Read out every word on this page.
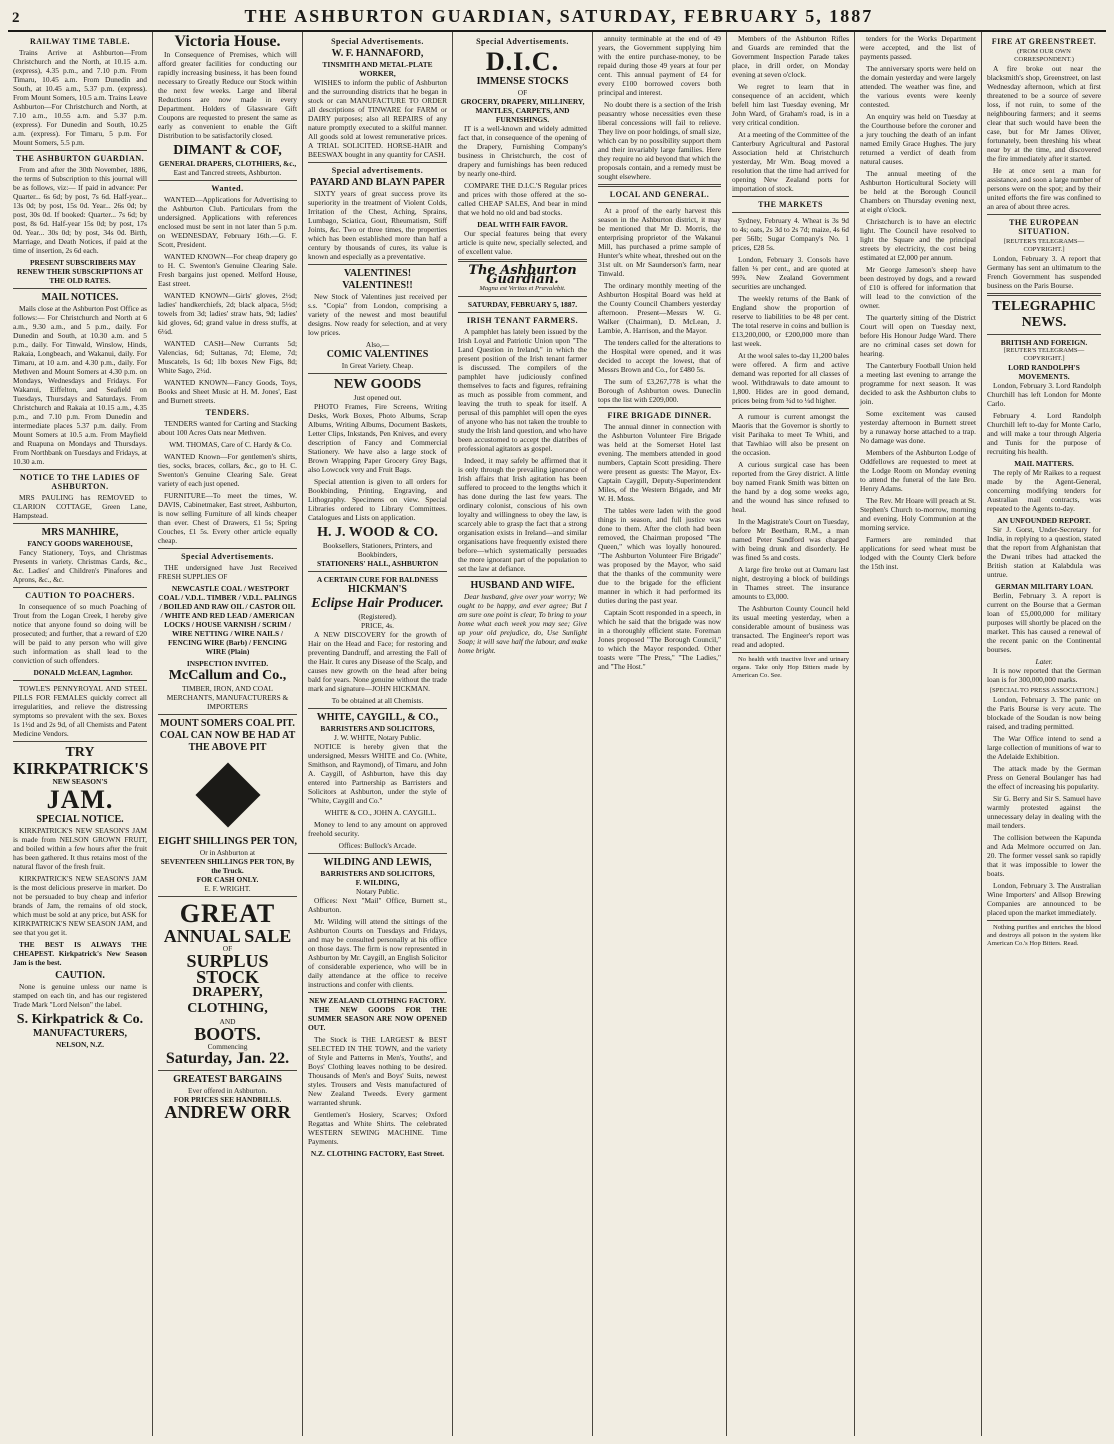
2	THE ASHBURTON GUARDIAN, SATURDAY, FEBRUARY 5, 1887

RAILWAY TIME TABLE.

Trains Arrive at Ashburton—From Christchurch and the North, at 10.15 a.m. (express), 4.35 p.m., and 7.10 p.m. From Timaru, 10.45 a.m. From Dunedin and South, at 10.45 a.m., 5.37 p.m. (express). From Mount Somers, 10.5 a.m. Trains Leave Ashburton—For Christchurch and North, at 7.10 a.m., 10.55 a.m. and 5.37 p.m. (express). For Dunedin and South, 10.25 a.m. (express). For Timaru, 5 p.m. For Mount Somers, 5.5 p.m.

THE ASHBURTON GUARDIAN.

From and after the 30th November, 1886, the terms of Subscription to this journal will be as follows, viz:— If paid in advance: Per Quarter... 6s 6d; by post, 7s 6d. Half-year... 13s 0d; by post, 15s 0d. Year... 26s 0d; by post, 30s 0d. If booked: Quarter... 7s 6d; by post, 8s 6d. Half-year 15s 0d; by post, 17s 0d. Year... 30s 0d; by post, 34s 0d. Birth, Marriage, and Death Notices, if paid at the time of insertion, 2s 6d each.

PRESENT SUBSCRIBERS MAY RENEW THEIR SUBSCRIPTIONS AT THE OLD RATES.

MAIL NOTICES.

Mails close at the Ashburton Post Office as follows:— For Christchurch and North at 6 a.m., 9.30 a.m., and 5 p.m., daily. For Dunedin and South, at 10.30 a.m. and 5 p.m., daily. For Tinwald, Winslow, Hinds, Rakaia, Longbeach, and Wakanui, daily. For Timaru, at 10 a.m. and 4.30 p.m., daily. For Methven and Mount Somers at 4.30 p.m. on Mondays, Wednesdays and Fridays. For Wakanui, Eiffelton, and Seafield on Tuesdays, Thursdays and Saturdays. From Christchurch and Rakaia at 10.15 a.m., 4.35 p.m., and 7.10 p.m. From Dunedin and intermediate places 5.37 p.m. daily. From Mount Somers at 10.5 a.m. From Mayfield and Ruapuna on Mondays and Thursdays. From Northbank on Tuesdays and Fridays, at 10.30 a.m.

NOTICE TO THE LADIES OF ASHBURTON.

MRS PAULING has REMOVED to CLARION COTTAGE, Green Lane, Hampstead.

MRS MANHIRE,
FANCY GOODS WAREHOUSE,

Fancy Stationery, Toys, and Christmas Presents in variety. Christmas Cards, &c., &c. Ladies' and Children's Pinafores and Aprons, &c., &c.

CAUTION TO POACHERS.

In consequence of so much Poaching of Trout from the Logan Creek, I hereby give notice that anyone found so doing will be prosecuted; and further, that a reward of £20 will be paid to any person who will give such information as shall lead to the conviction of such offenders.

DONALD McLEAN, Lagmhor.

TOWLE'S PENNYROYAL AND STEEL PILLS FOR FEMALES quickly correct all irregularities, and relieve the distressing symptoms so prevalent with the sex. Boxes 1s 1½d and 2s 9d, of all Chemists and Patent Medicine Vendors.

TRY
KIRKPATRICK'S
NEW SEASON'S
JAM.
SPECIAL NOTICE.

KIRKPATRICK'S NEW SEASON'S JAM is made from NELSON GROWN FRUIT, and boiled within a few hours after the fruit has been gathered. It thus retains most of the natural flavor of the fresh fruit.

KIRKPATRICK'S NEW SEASON'S JAM is the most delicious preserve in market. Do not be persuaded to buy cheap and inferior brands of Jam, the remains of old stock, which must be sold at any price, but ASK for KIRKPATRICK'S NEW SEASON JAM, and see that you get it.

THE BEST IS ALWAYS THE CHEAPEST. Kirkpatrick's New Season Jam is the best.

CAUTION.

None is genuine unless our name is stamped on each tin, and has our registered Trade Mark "Lord Nelson" the label.

S. Kirkpatrick & Co.
MANUFACTURERS,
NELSON, N.Z.
Victoria House.

In Consequence of Premises, which will afford greater facilities for conducting our rapidly increasing business, it has been found necessary to Greatly Reduce our Stock within the next few weeks. Large and liberal Reductions are now made in every Department. Holders of Glassware Gift Coupons are requested to present the same as early as convenient to enable the Gift Distribution to be satisfactorily closed.

DIMANT & COF,
GENERAL DRAPERS, CLOTHIERS, &c.,
East and Tancred streets, Ashburton.
Wanted.

WANTED—Applications for Advertising to the Ashburton Club. Particulars from the undersigned. Applications with references enclosed must be sent in not later than 5 p.m. on WEDNESDAY, February 16th.—G. F. Scott, President.

WANTED KNOWN—For cheap drapery go to H. C. Swenton's Genuine Clearing Sale. Fresh bargains just opened. Melford House, East street.

WANTED KNOWN—Girls' gloves, 2½d; ladies' handkerchiefs, 2d; black alpaca, 5½d; towels from 3d; ladies' straw hats, 9d; ladies' kid gloves, 6d; grand value in dress stuffs, at 6¼d.

WANTED CASH—New Currants 5d; Valencias, 6d; Sultanas, 7d; Eleme, 7d; Muscatels, 1s 6d; 1lb boxes New Figs, 8d; White Sago, 2½d.

WANTED KNOWN—Fancy Goods, Toys, Books and Sheet Music at H. M. Jones', East and Burnett streets.

TENDERS.

TENDERS wanted for Carting and Stacking about 100 Acres Oats near Methven.

WM. THOMAS, Care of C. Hardy & Co.

WANTED Known—For gentlemen's shirts, ties, socks, braces, collars, &c., go to H. C. Swenton's Genuine Clearing Sale. Great variety of each just opened.

FURNITURE—To meet the times, W. DAVIS, Cabinetmaker, East street, Ashburton, is now selling Furniture of all kinds cheaper than ever. Chest of Drawers, £1 5s; Spring Couches, £1 5s. Every other article equally cheap.

Special Advertisements.

THE undersigned have Just Received FRESH SUPPLIES OF

NEWCASTLE COAL / WESTPORT COAL / V.D.L. TIMBER / V.D.L. PALINGS / BOILED AND RAW OIL / CASTOR OIL / WHITE AND RED LEAD / AMERICAN LOCKS / HOUSE VARNISH / SCRIM / WIRE NETTING / WIRE NAILS / FENCING WIRE (Barb) / FENCING WIRE (Plain)

INSPECTION INVITED.
McCallum and Co.,
TIMBER, IRON, AND COAL MERCHANTS, MANUFACTURERS & IMPORTERS
MOUNT SOMERS COAL PIT.
COAL CAN NOW BE HAD AT THE ABOVE PIT
EIGHT SHILLINGS PER TON,
Or in Ashburton at
SEVENTEEN SHILLINGS PER TON, By the Truck.
FOR CASH ONLY.
E. F. WRIGHT.
GREAT
ANNUAL SALE
OF
SURPLUS STOCK
DRAPERY, CLOTHING,
AND
BOOTS.
Commencing
Saturday, Jan. 22.
GREATEST BARGAINS
Ever offered in Ashburton.
FOR PRICES SEE HANDBILLS.
ANDREW ORR
Special Advertisements.
W. F. HANNAFORD,
TINSMITH AND METAL-PLATE WORKER,

WISHES to inform the public of Ashburton and the surrounding districts that he began in stock or can MANUFACTURE TO ORDER all descriptions of TINWARE for FARM or DAIRY purposes; also all REPAIRS of any nature promptly executed to a skilful manner. All goods sold at lowest remunerative prices. A TRIAL SOLICITED. HORSE-HAIR and BEESWAX bought in any quantity for CASH.

Special advertisements.
PAYARD AND BLAYN PAPER

SIXTY years of great success prove its superiority in the treatment of Violent Colds, Irritation of the Chest, Aching, Sprains, Lumbago, Sciatica, Gout, Rheumatism, Stiff Joints, &c. Two or three times, the properties which has been established more than half a century by thousands of cures, its value is known and especially as a preventative.

VALENTINES! VALENTINES!!

New Stock of Valentines just received per s.s. "Copia" from London, comprising a variety of the newest and most beautiful designs. Now ready for selection, and at very low prices.

Also,—
COMIC VALENTINES
In Great Variety. Cheap.
NEW GOODS
Just opened out.

PHOTO Frames, Fire Screens, Writing Desks, Work Boxes, Photo Albums, Scrap Albums, Writing Albums, Document Baskets, Letter Clips, Inkstands, Pen Knives, and every description of Fancy and Commercial Stationery. We have also a large stock of Brown Wrapping Paper Grocery Grey Bags, also Lowcock very and Fruit Bags.

Special attention is given to all orders for Bookbinding, Printing, Engraving, and Lithography. Specimens on view. Special Libraries ordered to Library Committees. Catalogues and Lists on application.

H. J. WOOD & CO.
Booksellers, Stationers, Printers, and Bookbinders,
STATIONERS' HALL, ASHBURTON
A CERTAIN CURE FOR BALDNESS
HICKMAN'S
Eclipse Hair Producer.
(Registered).
PRICE, 4s.

A NEW DISCOVERY for the growth of Hair on the Head and Face; for restoring and preventing Dandruff, and arresting the Fall of the Hair. It cures any Disease of the Scalp, and causes new growth on the head after being bald for years. None genuine without the trade mark and signature—JOHN HICKMAN.

To be obtained at all Chemists.
WHITE, CAYGILL, & CO.,
BARRISTERS AND SOLICITORS,
J. W. WHITE, Notary Public.

NOTICE is hereby given that the undersigned, Messrs WHITE and Co. (White, Smithson, and Raymond), of Timaru, and John A. Caygill, of Ashburton, have this day entered into Partnership as Barristers and Solicitors at Ashburton, under the style of "White, Caygill and Co."

WHITE & CO., JOHN A. CAYGILL.

Money to lend to any amount on approved freehold security.

Offices: Bullock's Arcade.
WILDING AND LEWIS,
BARRISTERS AND SOLICITORS,
F. WILDING,
Notary Public.

Offices: Next "Mail" Office, Burnett st., Ashburton.

Mr. Wilding will attend the sittings of the Ashburton Courts on Tuesdays and Fridays, and may be consulted personally at his office on those days. The firm is now represented in Ashburton by Mr. Caygill, an English Solicitor of considerable experience, who will be in daily attendance at the office to receive instructions and confer with clients.

NEW ZEALAND CLOTHING FACTORY.

THE NEW GOODS FOR THE SUMMER SEASON ARE NOW OPENED OUT.

The Stock is THE LARGEST & BEST SELECTED IN THE TOWN, and the variety of Style and Patterns in Men's, Youths', and Boys' Clothing leaves nothing to be desired. Thousands of Men's and Boys' Suits, newest styles. Trousers and Vests manufactured of New Zealand Tweeds. Every garment warranted shrunk.

Gentlemen's Hosiery, Scarves; Oxford Regattas and White Shirts. The celebrated WESTERN SEWING MACHINE. Time Payments.

N.Z. CLOTHING FACTORY, East Street.
Special Advertisements.
D.I.C.
IMMENSE STOCKS
OF
GROCERY, DRAPERY, MILLINERY, MANTLES, CARPETS, AND FURNISHINGS.

IT is a well-known and widely admitted fact that, in consequence of the opening of the Drapery, Furnishing Company's business in Christchurch, the cost of drapery and furnishings has been reduced by nearly one-third.

COMPARE THE D.I.C.'S Regular prices and prices with those offered at the so-called CHEAP SALES, And bear in mind that we hold no old and bad stocks.

DEAL WITH FAIR FAVOR.

Our special features being that every article is quite new, specially selected, and of excellent value.

The Ashburton Guardian.
Magna est Veritas et Prævalebit.
SATURDAY, FEBRUARY 5, 1887.
IRISH TENANT FARMERS.

A pamphlet has lately been issued by the Irish Loyal and Patriotic Union upon "The Land Question in Ireland," in which the present position of the Irish tenant farmer is discussed. The compilers of the pamphlet have judiciously confined themselves to facts and figures, refraining as much as possible from comment, and leaving the truth to speak for itself. A perusal of this pamphlet will open the eyes of anyone who has not taken the trouble to study the Irish land question, and who have been accustomed to accept the diatribes of professional agitators as gospel.

Indeed, it may safely be affirmed that it is only through the prevailing ignorance of Irish affairs that Irish agitation has been suffered to proceed to the lengths which it has done during the last few years. The ordinary colonist, conscious of his own loyalty and willingness to obey the law, is scarcely able to grasp the fact that a strong organisation exists in Ireland—and similar organisations have frequently existed there before—which systematically persuades the more ignorant part of the population to set the law at defiance.

HUSBAND AND WIFE.

Dear husband, give over your worry; We ought to be happy, and ever agree; But I am sure one point is clear, To bring to your home what each week you may see; Give up your old prejudice, do, Use Sunlight Soap; it will save half the labour, and make home bright.

annuity terminable at the end of 49 years, the Government supplying him with the entire purchase-money, to be repaid during those 49 years at four per cent. This annual payment of £4 for every £100 borrowed covers both principal and interest.

No doubt there is a section of the Irish peasantry whose necessities even these liberal concessions will fail to relieve. They live on poor holdings, of small size, which can by no possibility support them and their invariably large families. Here they require no aid beyond that which the proposals contain, and a remedy must be sought elsewhere.

LOCAL AND GENERAL.

At a proof of the early harvest this season in the Ashburton district, it may be mentioned that Mr D. Morris, the enterprising proprietor of the Wakanui Mill, has purchased a prime sample of Hunter's white wheat, threshed out on the 31st ult. on Mr Saunderson's farm, near Tinwald.

The ordinary monthly meeting of the Ashburton Hospital Board was held at the County Council Chambers yesterday afternoon. Present—Messrs W. G. Walker (Chairman), D. McLean, J. Lambie, A. Harrison, and the Mayor.

The tenders called for the alterations to the Hospital were opened, and it was decided to accept the lowest, that of Messrs Brown and Co., for £480 5s.

The sum of £3,267,778 is what the Borough of Ashburton owes. Duneclin tops the list with £209,000.

FIRE BRIGADE DINNER.

The annual dinner in connection with the Ashburton Volunteer Fire Brigade was held at the Somerset Hotel last evening. The members attended in good numbers, Captain Scott presiding. There were present as guests: The Mayor, Ex-Captain Caygill, Deputy-Superintendent Miles, of the Western Brigade, and Mr W. H. Moss.

The tables were laden with the good things in season, and full justice was done to them. After the cloth had been removed, the Chairman proposed "The Queen," which was loyally honoured. "The Ashburton Volunteer Fire Brigade" was proposed by the Mayor, who said that the thanks of the community were due to the brigade for the efficient manner in which it had performed its duties during the past year.

Captain Scott responded in a speech, in which he said that the brigade was now in a thoroughly efficient state. Foreman Jones proposed "The Borough Council," to which the Mayor responded. Other toasts were "The Press," "The Ladies," and "The Host."

Members of the Ashburton Rifles and Guards are reminded that the Government Inspection Parade takes place, in drill order, on Monday evening at seven o'clock.

We regret to learn that in consequence of an accident, which befell him last Tuesday evening, Mr John Ward, of Graham's road, is in a very critical condition.

At a meeting of the Committee of the Canterbury Agricultural and Pastoral Association held at Christchurch yesterday, Mr Wm. Boag moved a resolution that the time had arrived for opening New Zealand ports for importation of stock.

THE MARKETS

Sydney, February 4. Wheat is 3s 9d to 4s; oats, 2s 3d to 2s 7d; maize, 4s 6d per 56lb; Sugar Company's No. 1 prices, £28 5s.

London, February 3. Consols have fallen ⅛ per cent., and are quoted at 99⅞. New Zealand Government securities are unchanged.

The weekly returns of the Bank of England show the proportion of reserve to liabilities to be 48 per cent. The total reserve in coins and bullion is £13,200,000, or £200,000 more than last week.

At the wool sales to-day 11,200 bales were offered. A firm and active demand was reported for all classes of wool. Withdrawals to date amount to 1,800. Hides are in good demand, prices being from ¾d to ¼d higher.

A rumour is current amongst the Maoris that the Governor is shortly to visit Parihaka to meet Te Whiti, and that Tawhiao will also be present on the occasion.

A curious surgical case has been reported from the Grey district. A little boy named Frank Smith was bitten on the hand by a dog some weeks ago, and the wound has since refused to heal.

In the Magistrate's Court on Tuesday, before Mr Beetham, R.M., a man named Peter Sandford was charged with being drunk and disorderly. He was fined 5s and costs.

A large fire broke out at Oamaru last night, destroying a block of buildings in Thames street. The insurance amounts to £3,000.

The Ashburton County Council held its usual meeting yesterday, when a considerable amount of business was transacted. The Engineer's report was read and adopted.

No health with inactive liver and urinary organs. Take only Hop Bitters made by American Co. See.

tenders for the Works Department were accepted, and the list of payments passed.

The anniversary sports were held on the domain yesterday and were largely attended. The weather was fine, and the various events were keenly contested.

An enquiry was held on Tuesday at the Courthouse before the coroner and a jury touching the death of an infant named Emily Grace Hughes. The jury returned a verdict of death from natural causes.

The annual meeting of the Ashburton Horticultural Society will be held at the Borough Council Chambers on Thursday evening next, at eight o'clock.

Christchurch is to have an electric light. The Council have resolved to light the Square and the principal streets by electricity, the cost being estimated at £2,000 per annum.

Mr George Jameson's sheep have been destroyed by dogs, and a reward of £10 is offered for information that will lead to the conviction of the owner.

The quarterly sitting of the District Court will open on Tuesday next, before His Honour Judge Ward. There are no criminal cases set down for hearing.

The Canterbury Football Union held a meeting last evening to arrange the programme for next season. It was decided to ask the Ashburton clubs to join.

Some excitement was caused yesterday afternoon in Burnett street by a runaway horse attached to a trap. No damage was done.

Members of the Ashburton Lodge of Oddfellows are requested to meet at the Lodge Room on Monday evening to attend the funeral of the late Bro. Henry Adams.

The Rev. Mr Hoare will preach at St. Stephen's Church to-morrow, morning and evening. Holy Communion at the morning service.

Farmers are reminded that applications for seed wheat must be lodged with the County Clerk before the 15th inst.

FIRE AT GREENSTREET.
(FROM OUR OWN CORRESPONDENT.)

A fire broke out near the blacksmith's shop, Greenstreet, on last Wednesday afternoon, which at first threatened to be a source of severe loss, if not ruin, to some of the neighbouring farmers; and it seems clear that such would have been the case, but for Mr James Oliver, fortunately, been threshing his wheat near by at the time, and discovered the fire immediately after it started.

He at once sent a man for assistance, and soon a large number of persons were on the spot; and by their united efforts the fire was confined to an area of about three acres.

THE EUROPEAN SITUATION.
[REUTER'S TELEGRAMS—COPYRIGHT.]

London, February 3. A report that Germany has sent an ultimatum to the French Government has suspended business on the Paris Bourse.

TELEGRAPHIC NEWS.
BRITISH AND FOREIGN.
[REUTER'S TELEGRAMS—COPYRIGHT.]
LORD RANDOLPH'S MOVEMENTS.

London, February 3. Lord Randolph Churchill has left London for Monte Carlo.

February 4. Lord Randolph Churchill left to-day for Monte Carlo, and will make a tour through Algeria and Tunis for the purpose of recruiting his health.

MAIL MATTERS.

The reply of Mr Raikes to a request made by the Agent-General, concerning modifying tenders for Australian mail contracts, was repeated to the Agents to-day.

AN UNFOUNDED REPORT.

Sir J. Gorst, Under-Secretary for India, in replying to a question, stated that the report from Afghanistan that the Dwani tribes had attacked the British station at Kalabdula was untrue.

GERMAN MILITARY LOAN.

Berlin, February 3. A report is current on the Bourse that a German loan of £5,000,000 for military purposes will shortly be placed on the market. This has caused a renewal of the recent panic on the Continental bourses.

Later.

It is now reported that the German loan is for 300,000,000 marks.

[SPECIAL TO PRESS ASSOCIATION.]

London, February 3. The panic on the Paris Bourse is very acute. The blockade of the Soudan is now being raised, and trading permitted.

The War Office intend to send a large collection of munitions of war to the Adelaide Exhibition.

The attack made by the German Press on General Boulanger has had the effect of increasing his popularity.

Sir G. Berry and Sir S. Samuel have warmly protested against the unnecessary delay in dealing with the mail tenders.

The collision between the Kapunda and Ada Melmore occurred on Jan. 20. The former vessel sank so rapidly that it was impossible to lower the boats.

London, February 3. The Australian Wine Importers' and Allsop Brewing Companies are announced to be placed upon the market immediately.

Nothing purifies and enriches the blood and destroys all poison in the system like American Co.'s Hop Bitters. Read.
